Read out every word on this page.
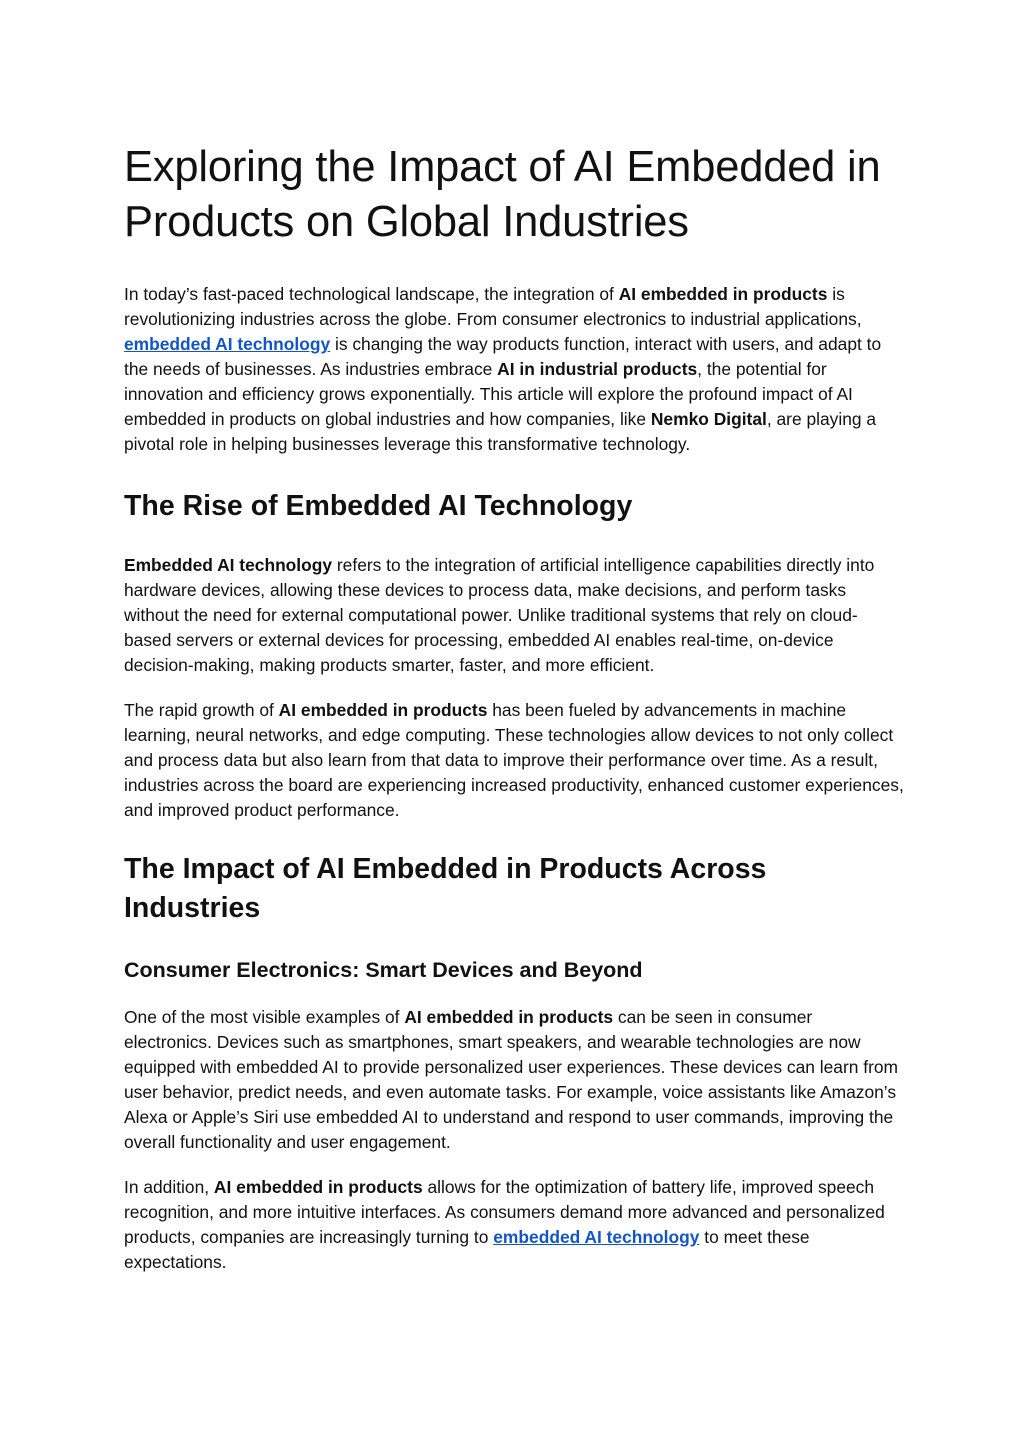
Exploring the Impact of AI Embedded in Products on Global Industries

In today’s fast-paced technological landscape, the integration of AI embedded in products is revolutionizing industries across the globe. From consumer electronics to industrial applications, embedded AI technology is changing the way products function, interact with users, and adapt to the needs of businesses. As industries embrace AI in industrial products, the potential for innovation and efficiency grows exponentially. This article will explore the profound impact of AI embedded in products on global industries and how companies, like Nemko Digital, are playing a pivotal role in helping businesses leverage this transformative technology.

The Rise of Embedded AI Technology

Embedded AI technology refers to the integration of artificial intelligence capabilities directly into hardware devices, allowing these devices to process data, make decisions, and perform tasks without the need for external computational power. Unlike traditional systems that rely on cloud-based servers or external devices for processing, embedded AI enables real-time, on-device decision-making, making products smarter, faster, and more efficient.

The rapid growth of AI embedded in products has been fueled by advancements in machine learning, neural networks, and edge computing. These technologies allow devices to not only collect and process data but also learn from that data to improve their performance over time. As a result, industries across the board are experiencing increased productivity, enhanced customer experiences, and improved product performance.

The Impact of AI Embedded in Products Across Industries
Consumer Electronics: Smart Devices and Beyond

One of the most visible examples of AI embedded in products can be seen in consumer electronics. Devices such as smartphones, smart speakers, and wearable technologies are now equipped with embedded AI to provide personalized user experiences. These devices can learn from user behavior, predict needs, and even automate tasks. For example, voice assistants like Amazon’s Alexa or Apple’s Siri use embedded AI to understand and respond to user commands, improving the overall functionality and user engagement.

In addition, AI embedded in products allows for the optimization of battery life, improved speech recognition, and more intuitive interfaces. As consumers demand more advanced and personalized products, companies are increasingly turning to embedded AI technology to meet these expectations.
